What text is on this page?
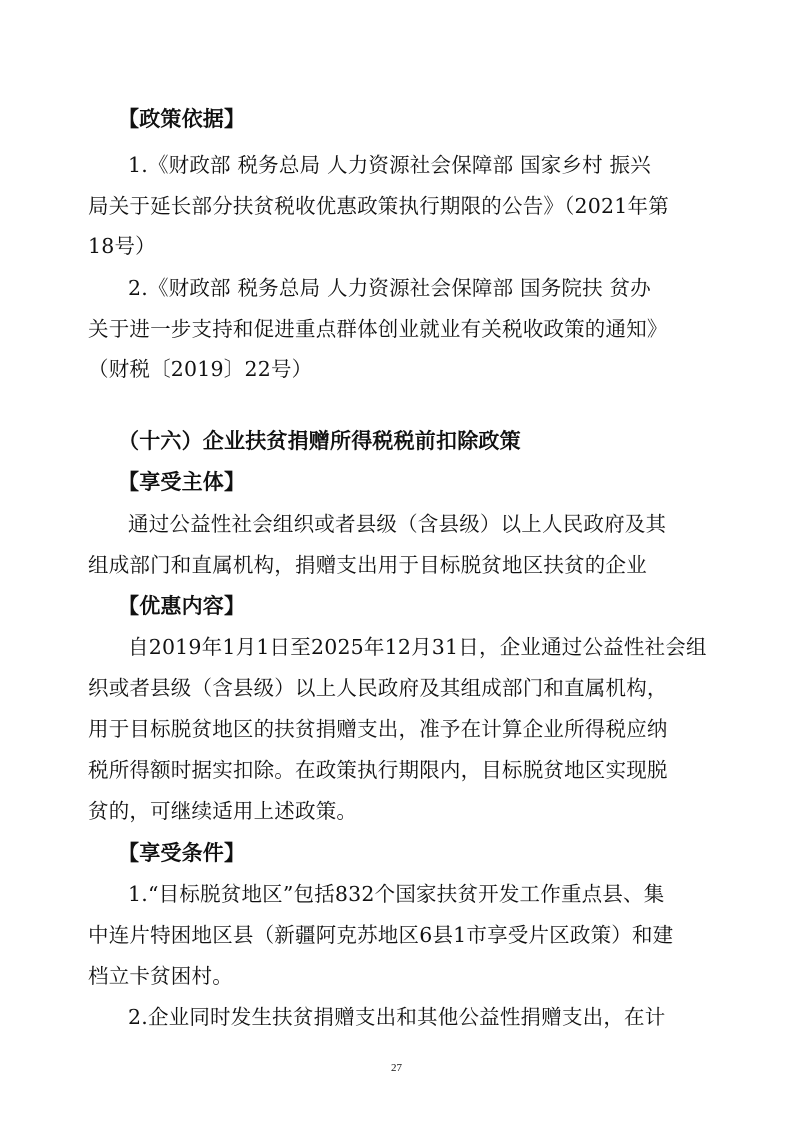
【政策依据】
1.《财政部 税务总局 人力资源社会保障部 国家乡村 振兴
局关于延长部分扶贫税收优惠政策执行期限的公告》（2021年第
18号）
2.《财政部 税务总局 人力资源社会保障部 国务院扶 贫办
关于进一步支持和促进重点群体创业就业有关税收政策的通知》
（财税〔2019〕22号）
（十六）企业扶贫捐赠所得税税前扣除政策
【享受主体】
通过公益性社会组织或者县级（含县级）以上人民政府及其
组成部门和直属机构，捐赠支出用于目标脱贫地区扶贫的企业
【优惠内容】
自2019年1月1日至2025年12月31日，企业通过公益性社会组
织或者县级（含县级）以上人民政府及其组成部门和直属机构，
用于目标脱贫地区的扶贫捐赠支出，准予在计算企业所得税应纳
税所得额时据实扣除。在政策执行期限内，目标脱贫地区实现脱
贫的，可继续适用上述政策。
【享受条件】
1.“目标脱贫地区”包括832个国家扶贫开发工作重点县、集
中连片特困地区县（新疆阿克苏地区6县1市享受片区政策）和建
档立卡贫困村。
2.企业同时发生扶贫捐赠支出和其他公益性捐赠支出，在计
27
